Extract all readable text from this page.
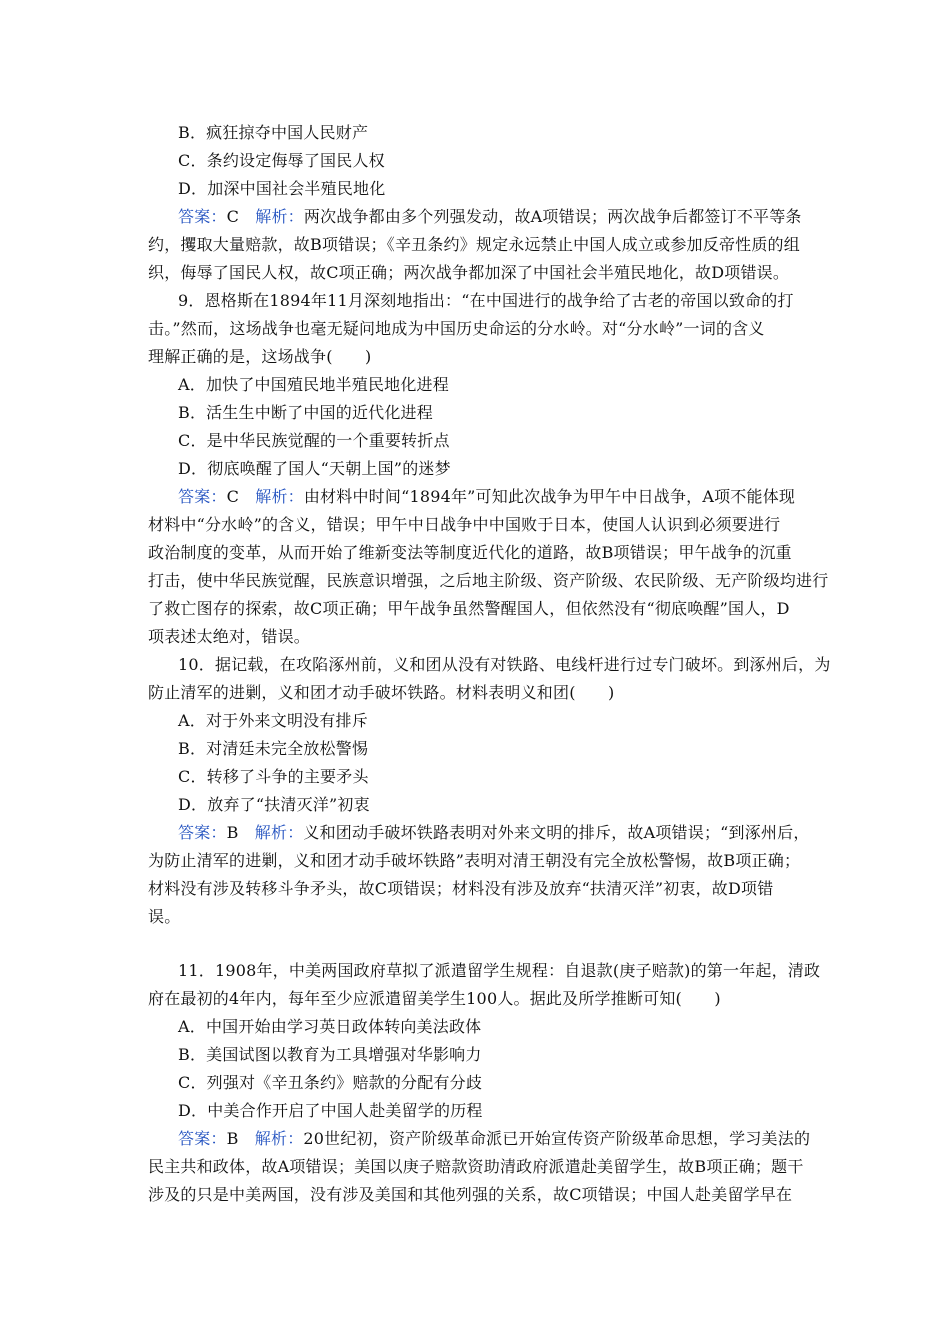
B．疯狂掠夺中国人民财产
C．条约设定侮辱了国民人权
D．加深中国社会半殖民地化
答案：C　 解析：两次战争都由多个列强发动，故A项错误；两次战争后都签订不平等条
约，攫取大量赔款，故B项错误；《辛丑条约》规定永远禁止中国人成立或参加反帝性质的组
织，侮辱了国民人权，故C项正确；两次战争都加深了中国社会半殖民地化，故D项错误。
9．恩格斯在1894年11月深刻地指出：“在中国进行的战争给了古老的帝国以致命的打
击。”然而，这场战争也毫无疑问地成为中国历史命运的分水岭。对“分水岭”一词的含义
理解正确的是，这场战争(　　)
A．加快了中国殖民地半殖民地化进程
B．活生生中断了中国的近代化进程
C．是中华民族觉醒的一个重要转折点
D．彻底唤醒了国人“天朝上国”的迷梦
答案：C　 解析：由材料中时间“1894年”可知此次战争为甲午中日战争，A项不能体现
材料中“分水岭”的含义，错误；甲午中日战争中中国败于日本，使国人认识到必须要进行
政治制度的变革，从而开始了维新变法等制度近代化的道路，故B项错误；甲午战争的沉重
打击，使中华民族觉醒，民族意识增强，之后地主阶级、资产阶级、农民阶级、无产阶级均进行
了救亡图存的探索，故C项正确；甲午战争虽然警醒国人，但依然没有“彻底唤醒”国人，D
项表述太绝对，错误。
10．据记载，在攻陷涿州前，义和团从没有对铁路、电线杆进行过专门破坏。到涿州后，为
防止清军的进剿，义和团才动手破坏铁路。材料表明义和团(　　)
A．对于外来文明没有排斥
B．对清廷未完全放松警惕
C．转移了斗争的主要矛头
D．放弃了“扶清灭洋”初衷
答案：B　 解析：义和团动手破坏铁路表明对外来文明的排斥，故A项错误；“到涿州后，
为防止清军的进剿，义和团才动手破坏铁路”表明对清王朝没有完全放松警惕，故B项正确；
材料没有涉及转移斗争矛头，故C项错误；材料没有涉及放弃“扶清灭洋”初衷，故D项错
误。
11．1908年，中美两国政府草拟了派遣留学生规程：自退款(庚子赔款)的第一年起，清政
府在最初的4年内，每年至少应派遣留美学生100人。据此及所学推断可知(　　)
A．中国开始由学习英日政体转向美法政体
B．美国试图以教育为工具增强对华影响力
C．列强对《辛丑条约》赔款的分配有分歧
D．中美合作开启了中国人赴美留学的历程
答案：B　 解析：20世纪初，资产阶级革命派已开始宣传资产阶级革命思想，学习美法的
民主共和政体，故A项错误；美国以庚子赔款资助清政府派遣赴美留学生，故B项正确；题干
涉及的只是中美两国，没有涉及美国和其他列强的关系，故C项错误；中国人赴美留学早在
